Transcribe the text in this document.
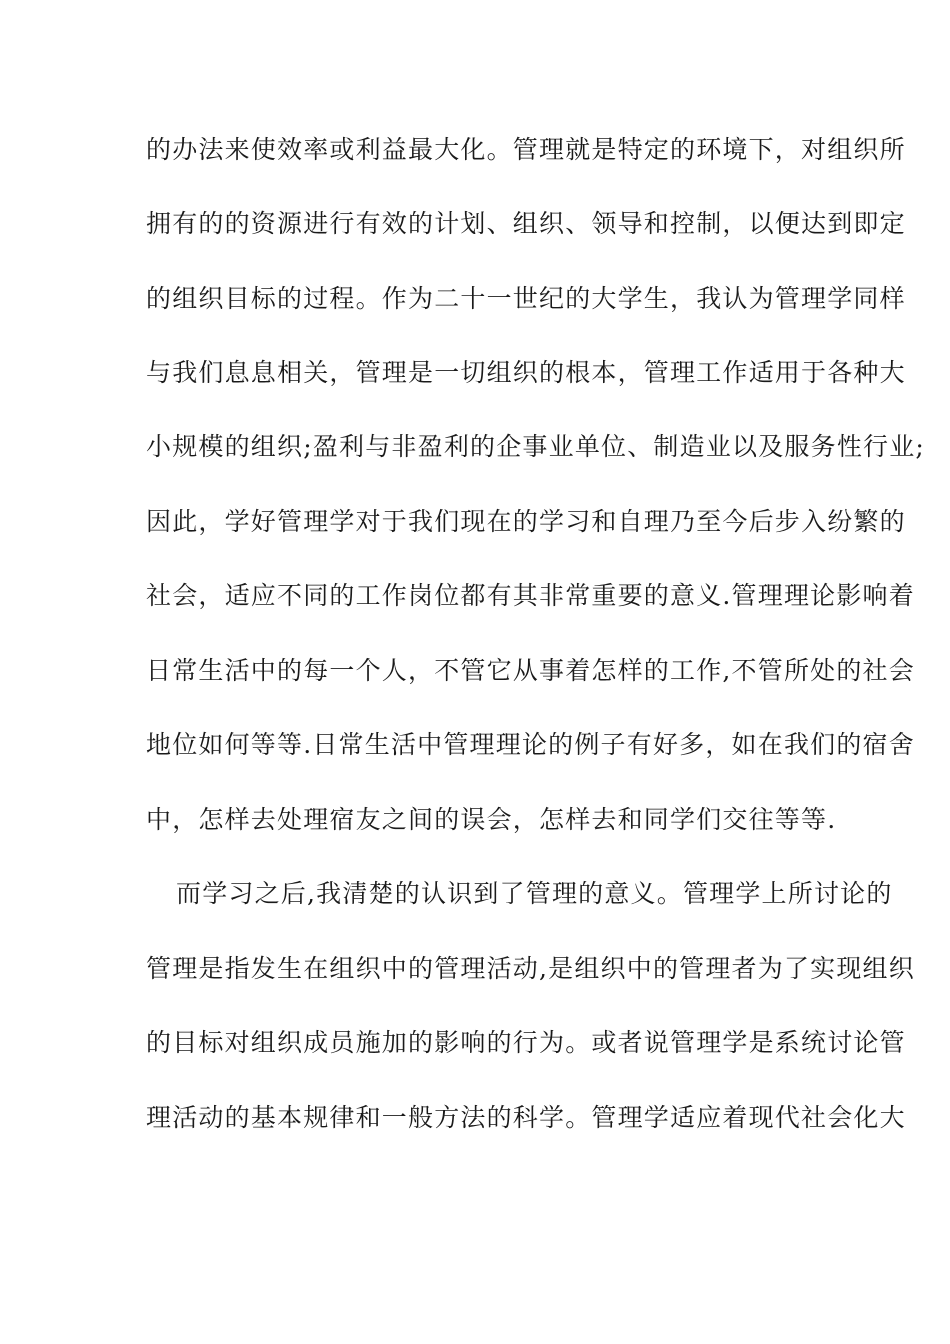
的办法来使效率或利益最大化。管理就是特定的环境下，对组织所
拥有的的资源进行有效的计划、组织、领导和控制，以便达到即定
的组织目标的过程。作为二十一世纪的大学生，我认为管理学同样
与我们息息相关，管理是一切组织的根本，管理工作适用于各种大
小规模的组织;盈利与非盈利的企事业单位、制造业以及服务性行业;
因此，学好管理学对于我们现在的学习和自理乃至今后步入纷繁的
社会，适应不同的工作岗位都有其非常重要的意义.管理理论影响着
日常生活中的每一个人，不管它从事着怎样的工作,不管所处的社会
地位如何等等.日常生活中管理理论的例子有好多，如在我们的宿舍
中，怎样去处理宿友之间的误会，怎样去和同学们交往等等.
而学习之后,我清楚的认识到了管理的意义。管理学上所讨论的
管理是指发生在组织中的管理活动,是组织中的管理者为了实现组织
的目标对组织成员施加的影响的行为。或者说管理学是系统讨论管
理活动的基本规律和一般方法的科学。管理学适应着现代社会化大
